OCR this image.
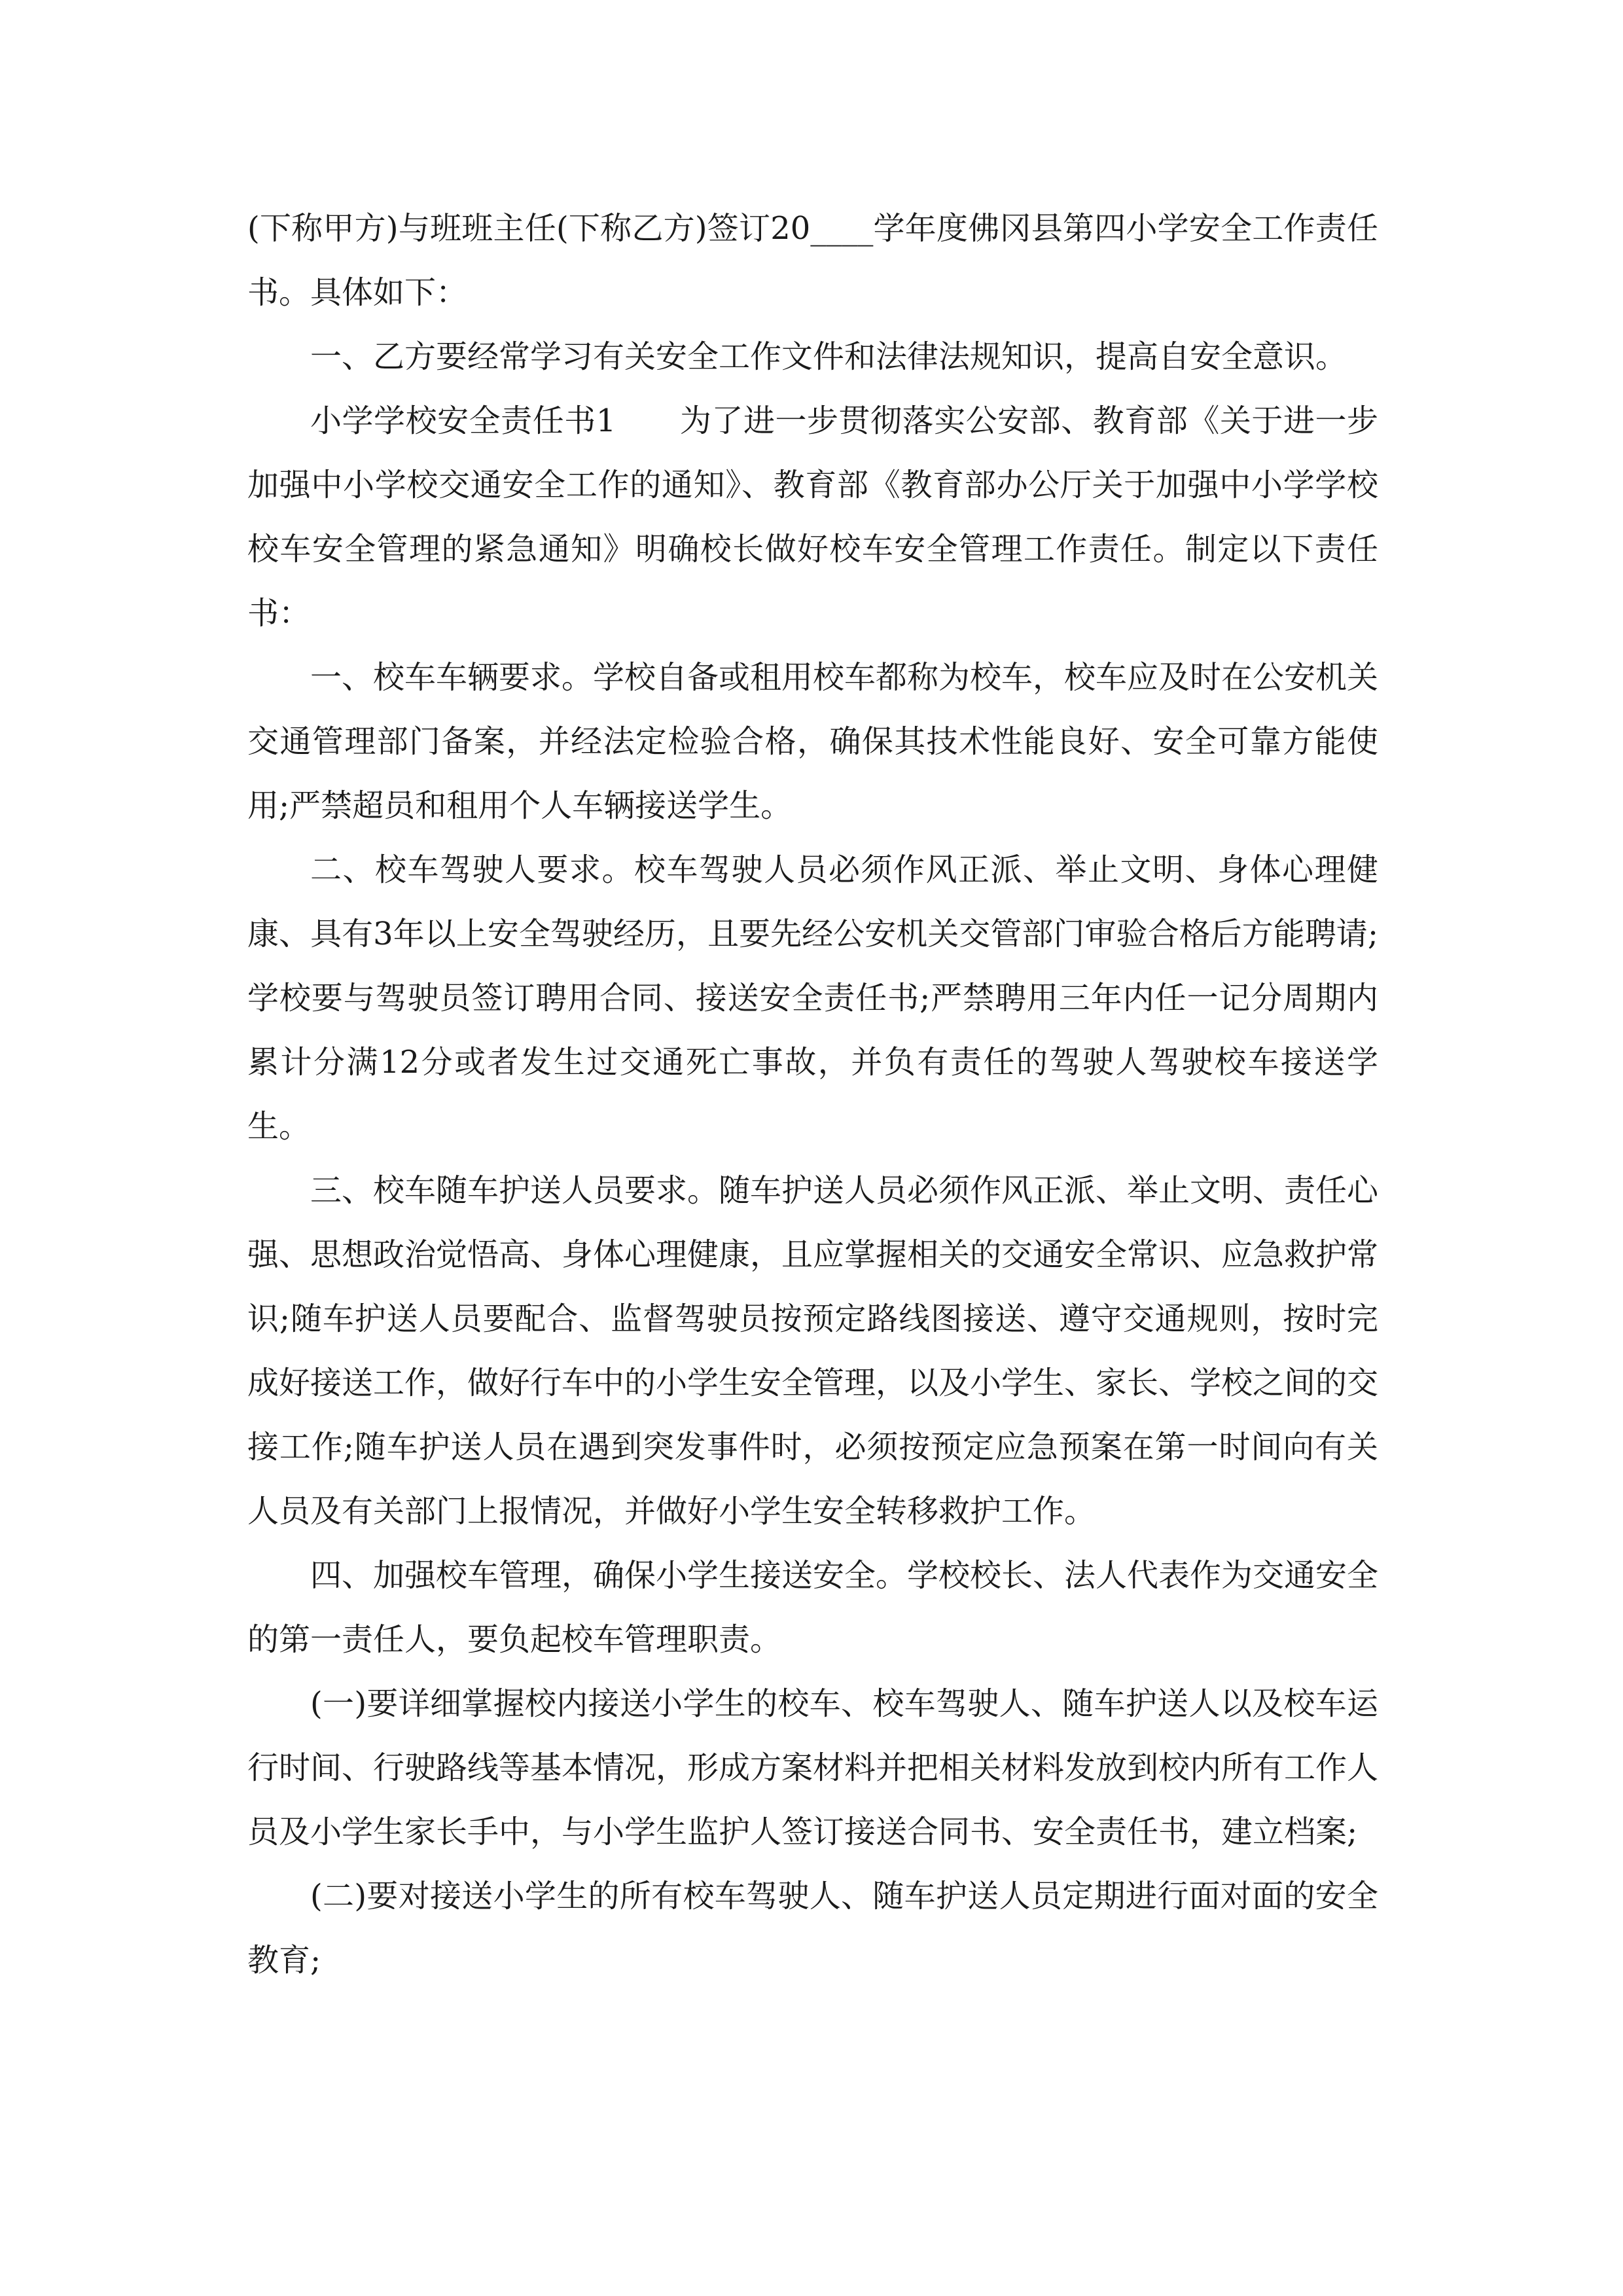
(下称甲方)与班班主任(下称乙方)签订20____学年度佛冈县第四小学安全工作责任书。具体如下：

一、乙方要经常学习有关安全工作文件和法律法规知识，提高自安全意识。

小学学校安全责任书1　　为了进一步贯彻落实公安部、教育部《关于进一步加强中小学校交通安全工作的通知》、教育部《教育部办公厅关于加强中小学学校校车安全管理的紧急通知》明确校长做好校车安全管理工作责任。制定以下责任书：

一、校车车辆要求。学校自备或租用校车都称为校车，校车应及时在公安机关交通管理部门备案，并经法定检验合格，确保其技术性能良好、安全可靠方能使用;严禁超员和租用个人车辆接送学生。

二、校车驾驶人要求。校车驾驶人员必须作风正派、举止文明、身体心理健康、具有3年以上安全驾驶经历，且要先经公安机关交管部门审验合格后方能聘请;学校要与驾驶员签订聘用合同、接送安全责任书;严禁聘用三年内任一记分周期内累计分满12分或者发生过交通死亡事故，并负有责任的驾驶人驾驶校车接送学生。

三、校车随车护送人员要求。随车护送人员必须作风正派、举止文明、责任心强、思想政治觉悟高、身体心理健康，且应掌握相关的交通安全常识、应急救护常识;随车护送人员要配合、监督驾驶员按预定路线图接送、遵守交通规则，按时完成好接送工作，做好行车中的小学生安全管理，以及小学生、家长、学校之间的交接工作;随车护送人员在遇到突发事件时，必须按预定应急预案在第一时间向有关人员及有关部门上报情况，并做好小学生安全转移救护工作。

四、加强校车管理，确保小学生接送安全。学校校长、法人代表作为交通安全的第一责任人，要负起校车管理职责。

(一)要详细掌握校内接送小学生的校车、校车驾驶人、随车护送人以及校车运行时间、行驶路线等基本情况，形成方案材料并把相关材料发放到校内所有工作人员及小学生家长手中，与小学生监护人签订接送合同书、安全责任书，建立档案;

(二)要对接送小学生的所有校车驾驶人、随车护送人员定期进行面对面的安全教育;
